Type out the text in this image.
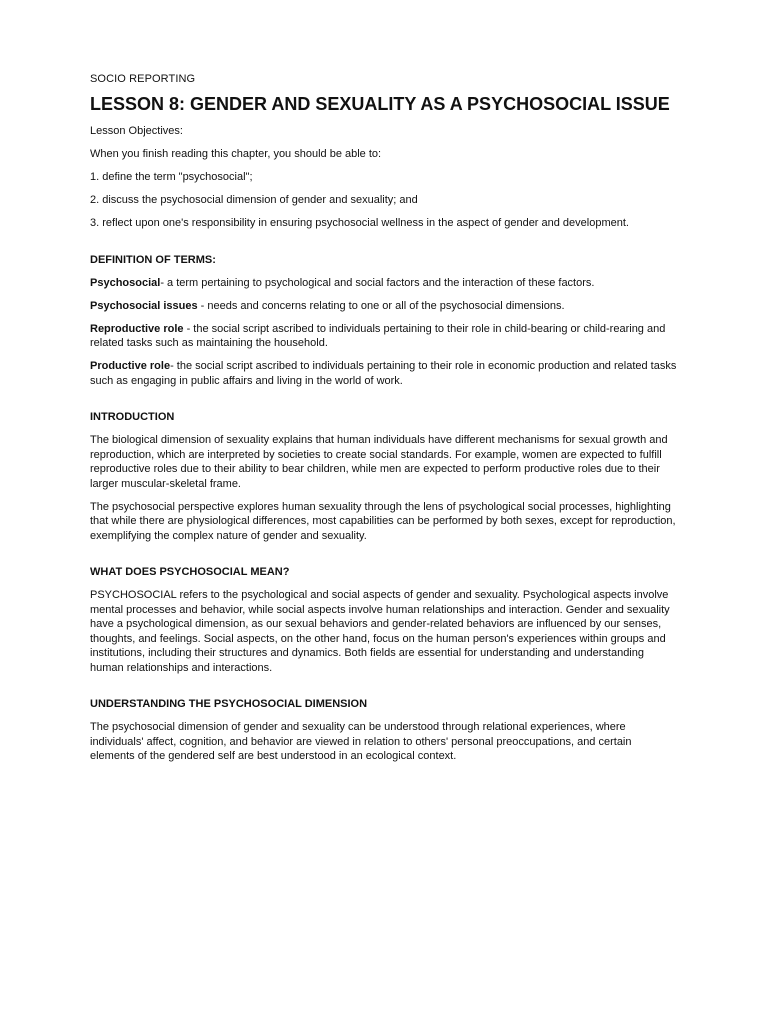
SOCIO REPORTING
LESSON 8: GENDER AND SEXUALITY AS A PSYCHOSOCIAL ISSUE

Lesson Objectives:

When you finish reading this chapter, you should be able to:

1. define the term "psychosocial";

2. discuss the psychosocial dimension of gender and sexuality; and

3. reflect upon one's responsibility in ensuring psychosocial wellness in the aspect of gender and development.

DEFINITION OF TERMS:

Psychosocial- a term pertaining to psychological and social factors and the interaction of these factors.

Psychosocial issues - needs and concerns relating to one or all of the psychosocial dimensions.

Reproductive role - the social script ascribed to individuals pertaining to their role in child-bearing or child-rearing and related tasks such as maintaining the household.

Productive role- the social script ascribed to individuals pertaining to their role in economic production and related tasks such as engaging in public affairs and living in the world of work.

INTRODUCTION

The biological dimension of sexuality explains that human individuals have different mechanisms for sexual growth and reproduction, which are interpreted by societies to create social standards. For example, women are expected to fulfill reproductive roles due to their ability to bear children, while men are expected to perform productive roles due to their larger muscular-skeletal frame.

The psychosocial perspective explores human sexuality through the lens of psychological social processes, highlighting that while there are physiological differences, most capabilities can be performed by both sexes, except for reproduction, exemplifying the complex nature of gender and sexuality.

WHAT DOES PSYCHOSOCIAL MEAN?

PSYCHOSOCIAL refers to the psychological and social aspects of gender and sexuality. Psychological aspects involve mental processes and behavior, while social aspects involve human relationships and interaction. Gender and sexuality have a psychological dimension, as our sexual behaviors and gender-related behaviors are influenced by our senses, thoughts, and feelings. Social aspects, on the other hand, focus on the human person's experiences within groups and institutions, including their structures and dynamics. Both fields are essential for understanding and understanding human relationships and interactions.

UNDERSTANDING THE PSYCHOSOCIAL DIMENSION

The psychosocial dimension of gender and sexuality can be understood through relational experiences, where individuals' affect, cognition, and behavior are viewed in relation to others' personal preoccupations, and certain elements of the gendered self are best understood in an ecological context.
